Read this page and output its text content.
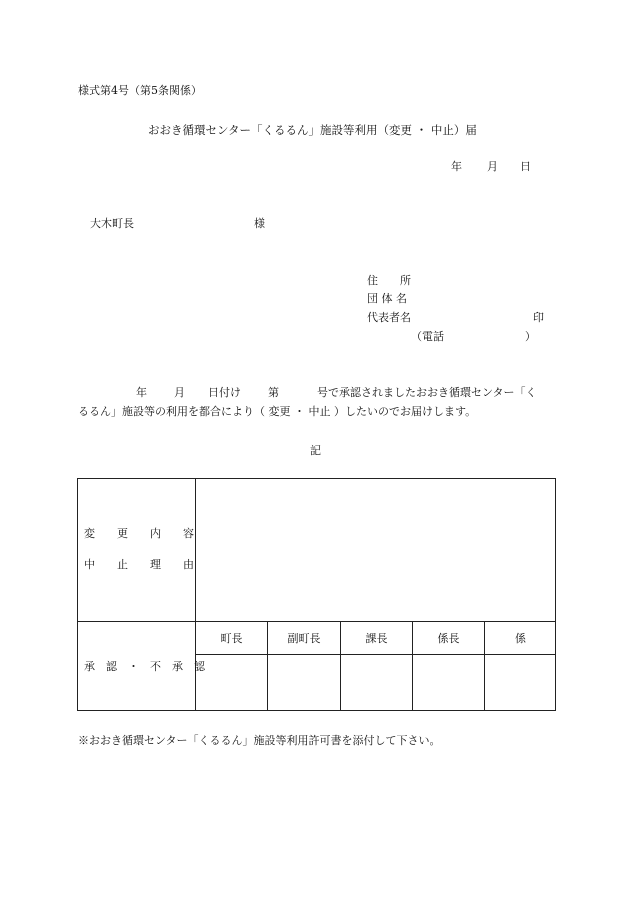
様式第4号（第5条関係）
おおき循環センター「くるるん」施設等利用（変更 ・ 中止）届
年 月 日
大木町長	様
住　　所
団 体 名
代表者名	印
（電話	）
年 月 日付け 第	号で承認されましたおおき循環センター「く
るるん」施設等の利用を都合により（ 変更 ・ 中止 ）したいのでお届けします。
記
変　　更　　内　　容
中　　止　　理　　由
承　認　・　不　承　認
町長	副町長	課長	係長	係
※おおき循環センター「くるるん」施設等利用許可書を添付して下さい。
